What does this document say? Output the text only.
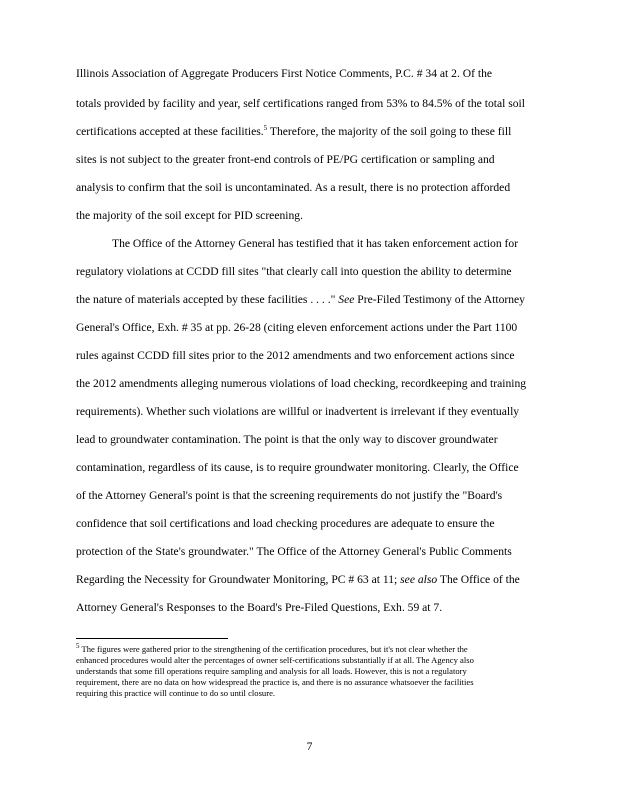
Illinois Association of Aggregate Producers First Notice Comments, P.C. # 34 at 2. Of the
totals provided by facility and year, self certifications ranged from 53% to 84.5% of the total soil
certifications accepted at these facilities.$^5$ Therefore, the majority of the soil going to these fill
sites is not subject to the greater front-end controls of PE/PG certification or sampling and
analysis to confirm that the soil is uncontaminated. As a result, there is no protection afforded
the majority of the soil except for PID screening.
The Office of the Attorney General has testified that it has taken enforcement action for
regulatory violations at CCDD fill sites "that clearly call into question the ability to determine
the nature of materials accepted by these facilities . . . ." See Pre-Filed Testimony of the Attorney
General's Office, Exh. # 35 at pp. 26-28 (citing eleven enforcement actions under the Part 1100
rules against CCDD fill sites prior to the 2012 amendments and two enforcement actions since
the 2012 amendments alleging numerous violations of load checking, recordkeeping and training
requirements). Whether such violations are willful or inadvertent is irrelevant if they eventually
lead to groundwater contamination. The point is that the only way to discover groundwater
contamination, regardless of its cause, is to require groundwater monitoring. Clearly, the Office
of the Attorney General's point is that the screening requirements do not justify the "Board's
confidence that soil certifications and load checking procedures are adequate to ensure the
protection of the State's groundwater." The Office of the Attorney General's Public Comments
Regarding the Necessity for Groundwater Monitoring, PC # 63 at 11; see also The Office of the
Attorney General's Responses to the Board's Pre-Filed Questions, Exh. 59 at 7.
$^5$ The figures were gathered prior to the strengthening of the certification procedures, but it's not clear whether the
enhanced procedures would alter the percentages of owner self-certifications substantially if at all. The Agency also
understands that some fill operations require sampling and analysis for all loads. However, this is not a regulatory
requirement, there are no data on how widespread the practice is, and there is no assurance whatsoever the facilities
requiring this practice will continue to do so until closure.
7
